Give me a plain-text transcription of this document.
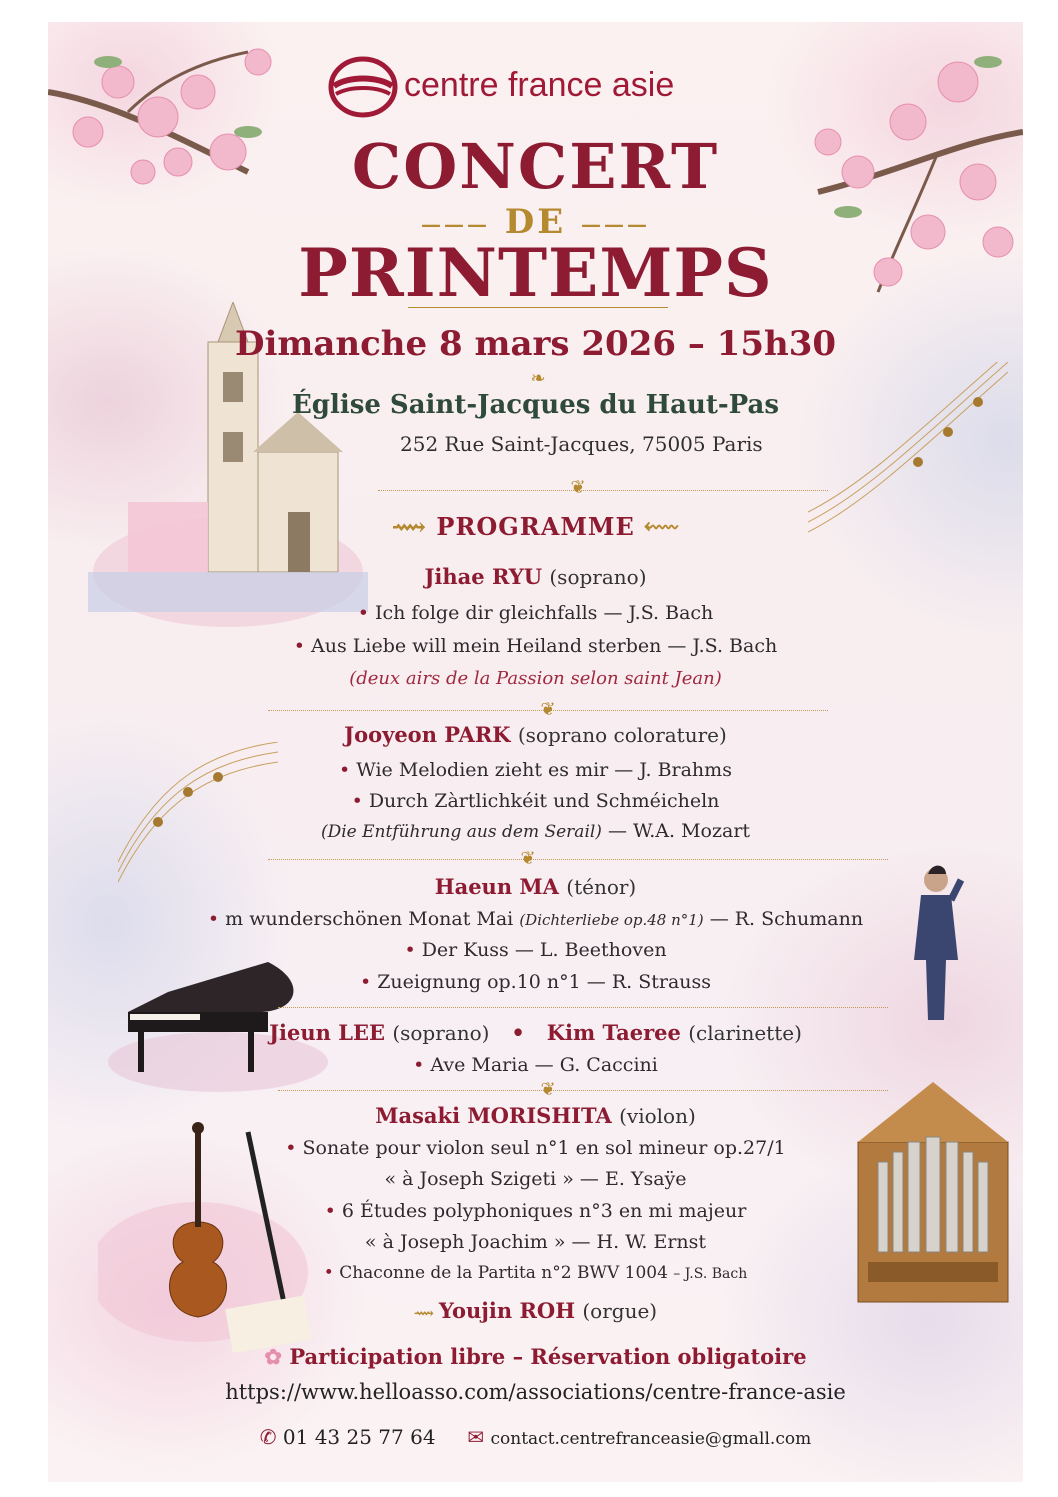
centre france asie
CONCERT
——— DE ———
PRINTEMPS
Dimanche 8 mars 2026 – 15h30
❧
Église Saint-Jacques du Haut-Pas
252 Rue Saint-Jacques, 75005 Paris
❦
⟿ PROGRAMME ⬳
Jihae RYU (soprano)
• Ich folge dir gleichfalls — J.S. Bach
• Aus Liebe will mein Heiland sterben — J.S. Bach
(deux airs de la Passion selon saint Jean)
❦
Jooyeon PARK (soprano colorature)
• Wie Melodien zieht es mir — J. Brahms
• Durch Zàrtlichkéit und Schméicheln
(Die Entführung aus dem Serail) — W.A. Mozart
❦
Haeun MA (ténor)
• m wunderschönen Monat Mai (Dichterliebe op.48 n°1) — R. Schumann
• Der Kuss — L. Beethoven
• Zueignung op.10 n°1 — R. Strauss
Jieun LEE (soprano)   •   Kim Taeree (clarinette)
• Ave Maria — G. Caccini
❦
Masaki MORISHITA (violon)
• Sonate pour violon seul n°1 en sol mineur op.27/1
« à Joseph Szigeti » — E. Ysaÿe
• 6 Études polyphoniques n°3 en mi majeur
« à Joseph Joachim » — H. W. Ernst
• Chaconne de la Partita n°2 BWV 1004 – J.S. Bach
⟿ Youjin ROH (orgue)
✿ Participation libre – Réservation obligatoire
https://www.helloasso.com/associations/centre-france-asie
✆ 01 43 25 77 64 ✉ contact.centrefranceasie@gmall.com
